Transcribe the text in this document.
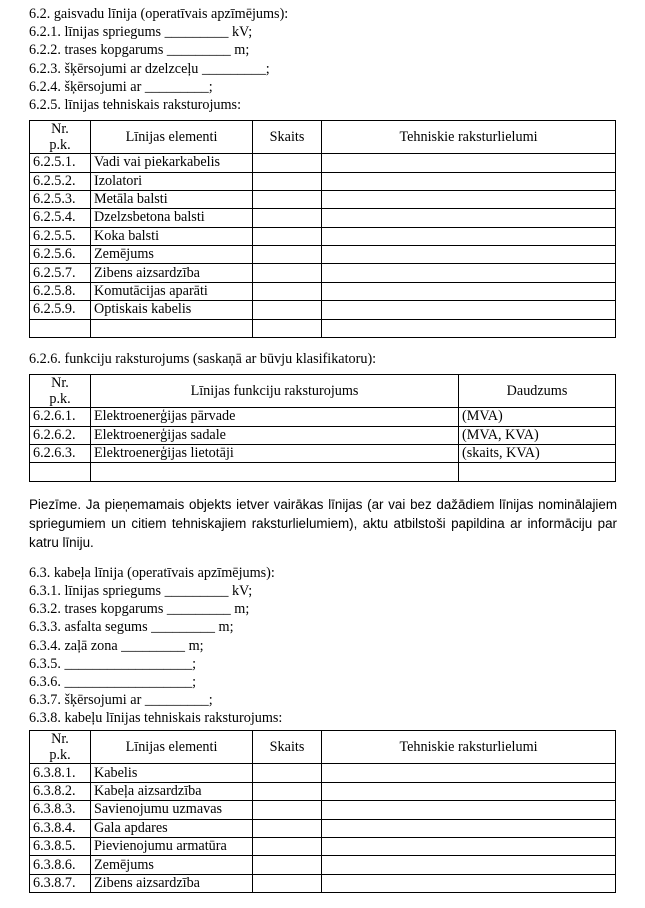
6.2. gaisvadu līnija (operatīvais apzīmējums):
6.2.1. līnijas spriegums _________ kV;
6.2.2. trases kopgarums _________ m;
6.2.3. šķērsojumi ar dzelzceļu _________;
6.2.4. šķērsojumi ar _________;
6.2.5. līnijas tehniskais raksturojums:
Nr.
p.k.	Līnijas elementi	Skaits	Tehniskie raksturlielumi
6.2.5.1.	Vadi vai piekarkabelis		
6.2.5.2.	Izolatori		
6.2.5.3.	Metāla balsti		
6.2.5.4.	Dzelzsbetona balsti		
6.2.5.5.	Koka balsti		
6.2.5.6.	Zemējums		
6.2.5.7.	Zibens aizsardzība		
6.2.5.8.	Komutācijas aparāti		
6.2.5.9.	Optiskais kabelis		

6.2.6. funkciju raksturojums (saskaņā ar būvju klasifikatoru):
Nr.
p.k.	Līnijas funkciju raksturojums	Daudzums
6.2.6.1.	Elektroenerģijas pārvade	(MVA)
6.2.6.2.	Elektroenerģijas sadale	(MVA, KVA)
6.2.6.3.	Elektroenerģijas lietotāji	(skaits, KVA)

Piezīme. Ja pieņemamais objekts ietver vairākas līnijas (ar vai bez dažādiem līnijas nominālajiem spriegumiem un citiem tehniskajiem raksturlielumiem), aktu atbilstoši papildina ar informāciju par katru līniju.
6.3. kabeļa līnija (operatīvais apzīmējums):
6.3.1. līnijas spriegums _________ kV;
6.3.2. trases kopgarums _________ m;
6.3.3. asfalta segums _________ m;
6.3.4. zaļā zona _________ m;
6.3.5. __________________;
6.3.6. __________________;
6.3.7. šķērsojumi ar _________;
6.3.8. kabeļu līnijas tehniskais raksturojums:
Nr.
p.k.	Līnijas elementi	Skaits	Tehniskie raksturlielumi
6.3.8.1.	Kabelis		
6.3.8.2.	Kabeļa aizsardzība		
6.3.8.3.	Savienojumu uzmavas		
6.3.8.4.	Gala apdares		
6.3.8.5.	Pievienojumu armatūra		
6.3.8.6.	Zemējums		
6.3.8.7.	Zibens aizsardzība		
